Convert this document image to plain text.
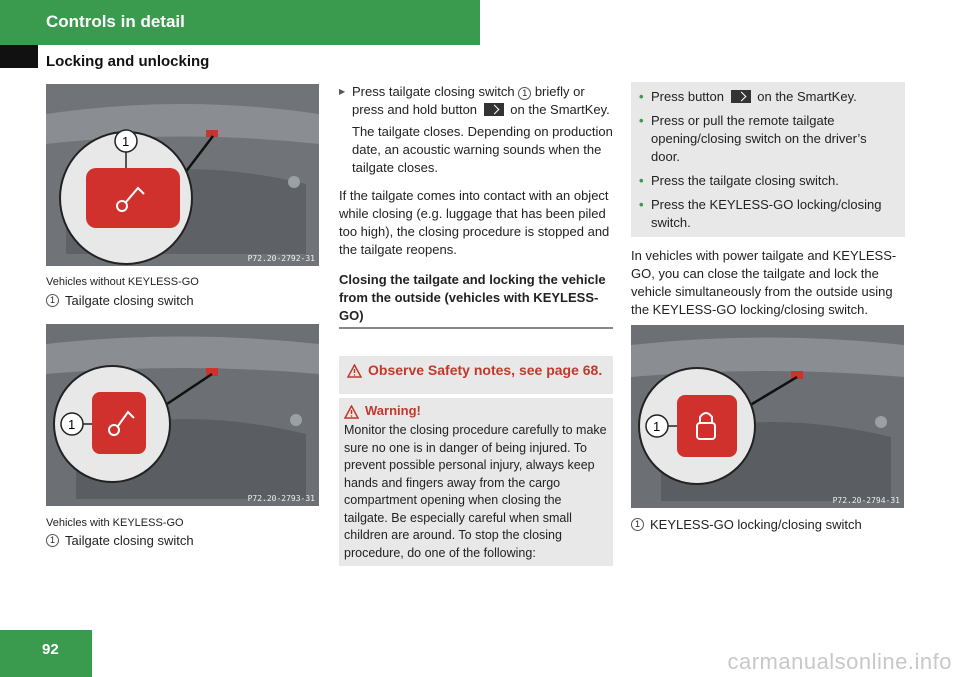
Controls in detail
Locking and unlocking
1
P72.20-2792-31
Vehicles without KEYLESS-GO
1 Tailgate closing switch
1
P72.20-2793-31
Vehicles with KEYLESS-GO
1 Tailgate closing switch
▶ Press tailgate closing switch 1 briefly or press and hold button	on the SmartKey.
The tailgate closes. Depending on production date, an acoustic warning sounds when the tailgate closes.
If the tailgate comes into contact with an object while closing (e.g. luggage that has been piled too high), the closing procedure is stopped and the tailgate reopens.
Closing the tailgate and locking the vehicle from the outside (vehicles with KEYLESS-GO)
Observe Safety notes, see page 68.
Warning!
Monitor the closing procedure carefully to make sure no one is in danger of being injured. To prevent possible personal injury, always keep hands and fingers away from the cargo compartment opening when closing the tailgate. Be especially careful when small children are around. To stop the closing procedure, do one of the following:
• Press button	on the SmartKey.
• Press or pull the remote tailgate opening/closing switch on the driver’s door.
• Press the tailgate closing switch.
• Press the KEYLESS-GO locking/closing switch.
In vehicles with power tailgate and KEYLESS-GO, you can close the tailgate and lock the vehicle simultaneously from the outside using the KEYLESS-GO locking/closing switch.
1
P72.20-2794-31
1 KEYLESS-GO locking/closing switch
92	carmanualsonline.info
